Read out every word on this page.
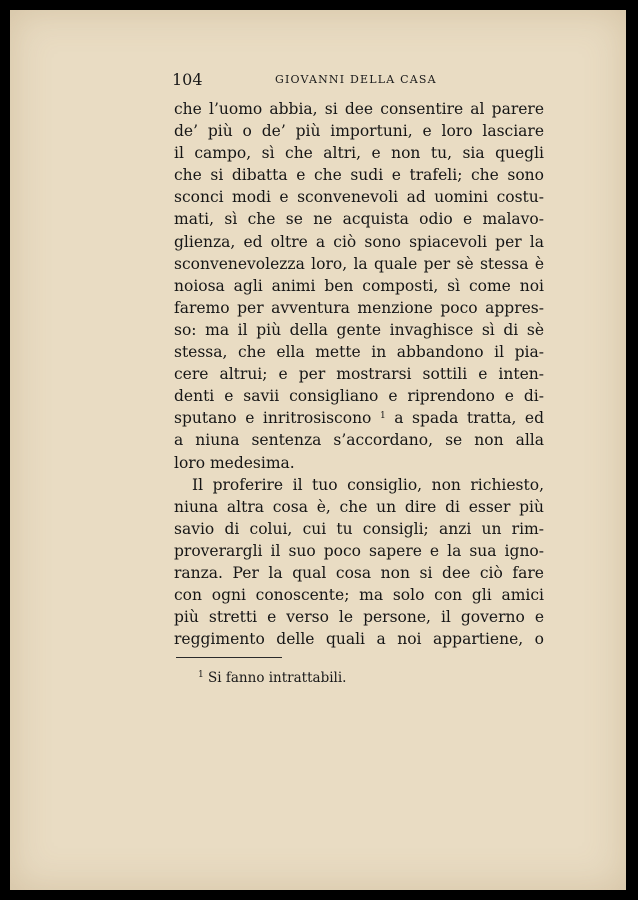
104	GIOVANNI DELLA CASA
che l’uomo abbia, si dee consentire al parere
de’ più o de’ più importuni, e loro lasciare
il campo, sì che altri, e non tu, sia quegli
che si dibatta e che sudi e trafeli; che sono
sconci modi e sconvenevoli ad uomini costu-
mati, sì che se ne acquista odio e malavo-
glienza, ed oltre a ciò sono spiacevoli per la
sconvenevolezza loro, la quale per sè stessa è
noiosa agli animi ben composti, sì come noi
faremo per avventura menzione poco appres-
so: ma il più della gente invaghisce sì di sè
stessa, che ella mette in abbandono il pia-
cere altrui; e per mostrarsi sottili e inten-
denti e savii consigliano e riprendono e di-
sputano e inritrosiscono $^1$ a spada tratta, ed
a niuna sentenza s’accordano, se non alla
loro medesima.
Il proferire il tuo consiglio, non richiesto,
niuna altra cosa è, che un dire di esser più
savio di colui, cui tu consigli; anzi un rim-
proverargli il suo poco sapere e la sua igno-
ranza. Per la qual cosa non si dee ciò fare
con ogni conoscente; ma solo con gli amici
più stretti e verso le persone, il governo e
reggimento delle quali a noi appartiene, o
$^1$ Si fanno intrattabili.
